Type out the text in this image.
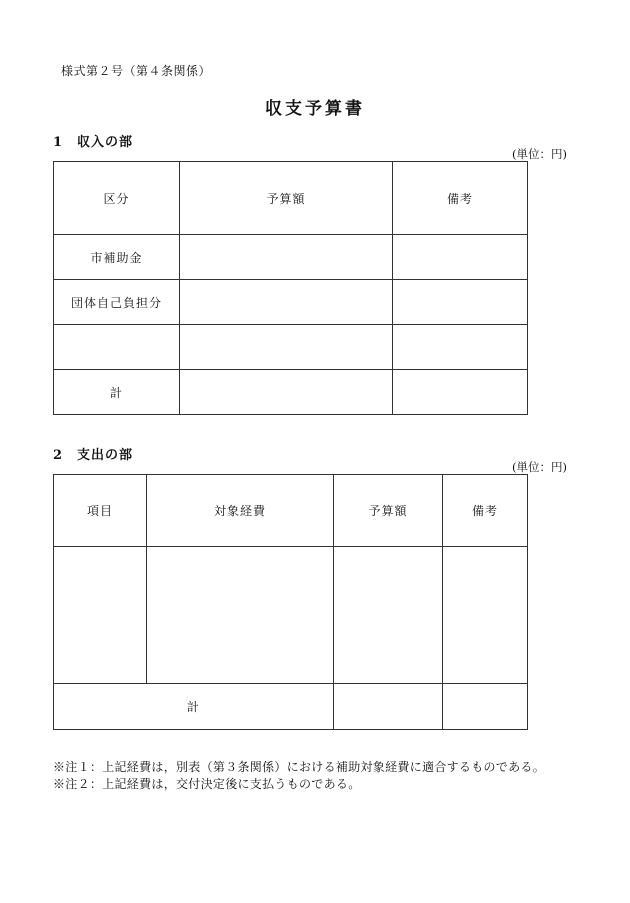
様式第２号（第４条関係）
収支予算書
1 収入の部
(単位：円)
区分	予算額	備考
市補助金		
団体自己負担分		

計		
2 支出の部
(単位：円)
項目	対象経費	予算額	備考

計			
※注１：上記経費は，別表（第３条関係）における補助対象経費に適合するものである。
※注２：上記経費は，交付決定後に支払うものである。
